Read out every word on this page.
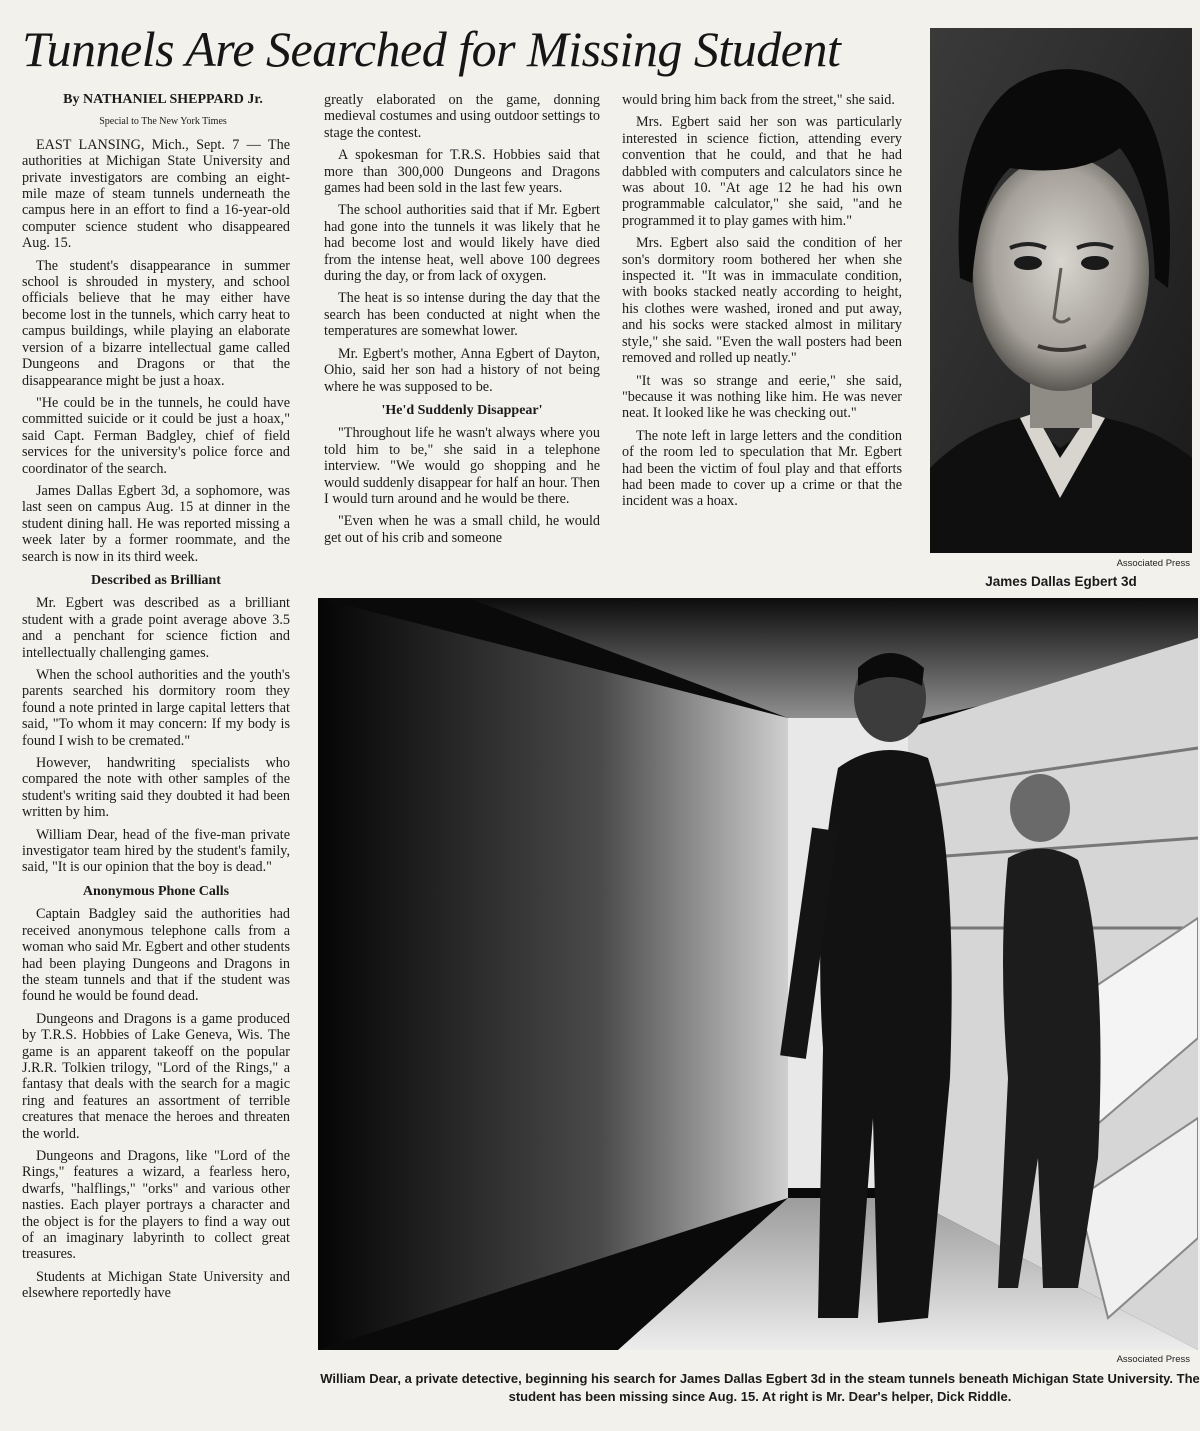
Tunnels Are Searched for Missing Student

By NATHANIEL SHEPPARD Jr.

Special to The New York Times

EAST LANSING, Mich., Sept. 7 — The authorities at Michigan State University and private investigators are combing an eight-mile maze of steam tunnels underneath the campus here in an effort to find a 16-year-old computer science student who disappeared Aug. 15.

The student's disappearance in summer school is shrouded in mystery, and school officials believe that he may either have become lost in the tunnels, which carry heat to campus buildings, while playing an elaborate version of a bizarre intellectual game called Dungeons and Dragons or that the disappearance might be just a hoax.

"He could be in the tunnels, he could have committed suicide or it could be just a hoax," said Capt. Ferman Badgley, chief of field services for the university's police force and coordinator of the search.

James Dallas Egbert 3d, a sophomore, was last seen on campus Aug. 15 at dinner in the student dining hall. He was reported missing a week later by a former roommate, and the search is now in its third week.

Described as Brilliant

Mr. Egbert was described as a brilliant student with a grade point average above 3.5 and a penchant for science fiction and intellectually challenging games.

When the school authorities and the youth's parents searched his dormitory room they found a note printed in large capital letters that said, "To whom it may concern: If my body is found I wish to be cremated."

However, handwriting specialists who compared the note with other samples of the student's writing said they doubted it had been written by him.

William Dear, head of the five-man private investigator team hired by the student's family, said, "It is our opinion that the boy is dead."

Anonymous Phone Calls

Captain Badgley said the authorities had received anonymous telephone calls from a woman who said Mr. Egbert and other students had been playing Dungeons and Dragons in the steam tunnels and that if the student was found he would be found dead.

Dungeons and Dragons is a game produced by T.R.S. Hobbies of Lake Geneva, Wis. The game is an apparent takeoff on the popular J.R.R. Tolkien trilogy, "Lord of the Rings," a fantasy that deals with the search for a magic ring and features an assortment of terrible creatures that menace the heroes and threaten the world.

Dungeons and Dragons, like "Lord of the Rings," features a wizard, a fearless hero, dwarfs, "halflings," "orks" and various other nasties. Each player portrays a character and the object is for the players to find a way out of an imaginary labyrinth to collect great treasures.

Students at Michigan State University and elsewhere reportedly have

greatly elaborated on the game, donning medieval costumes and using outdoor settings to stage the contest.

A spokesman for T.R.S. Hobbies said that more than 300,000 Dungeons and Dragons games had been sold in the last few years.

The school authorities said that if Mr. Egbert had gone into the tunnels it was likely that he had become lost and would likely have died from the intense heat, well above 100 degrees during the day, or from lack of oxygen.

The heat is so intense during the day that the search has been conducted at night when the temperatures are somewhat lower.

Mr. Egbert's mother, Anna Egbert of Dayton, Ohio, said her son had a history of not being where he was supposed to be.

'He'd Suddenly Disappear'

"Throughout life he wasn't always where you told him to be," she said in a telephone interview. "We would go shopping and he would suddenly disappear for half an hour. Then I would turn around and he would be there.

"Even when he was a small child, he would get out of his crib and someone

would bring him back from the street," she said.

Mrs. Egbert said her son was particularly interested in science fiction, attending every convention that he could, and that he had dabbled with computers and calculators since he was about 10. "At age 12 he had his own programmable calculator," she said, "and he programmed it to play games with him."

Mrs. Egbert also said the condition of her son's dormitory room bothered her when she inspected it. "It was in immaculate condition, with books stacked neatly according to height, his clothes were washed, ironed and put away, and his socks were stacked almost in military style," she said. "Even the wall posters had been removed and rolled up neatly."

"It was so strange and eerie," she said, "because it was nothing like him. He was never neat. It looked like he was checking out."

The note left in large letters and the condition of the room led to speculation that Mr. Egbert had been the victim of foul play and that efforts had been made to cover up a crime or that the incident was a hoax.

Associated Press
James Dallas Egbert 3d
Associated Press
William Dear, a private detective, beginning his search for James Dallas Egbert 3d in the steam tunnels beneath Michigan State University. The student has been missing since Aug. 15. At right is Mr. Dear's helper, Dick Riddle.
